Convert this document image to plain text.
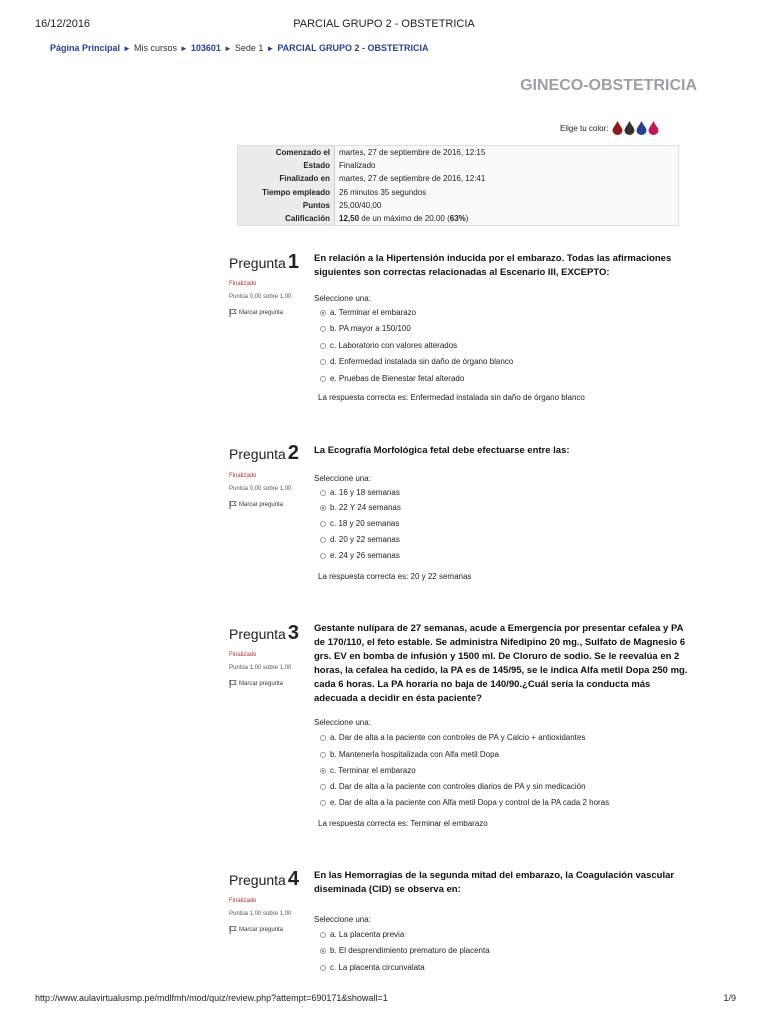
16/12/2016	PARCIAL GRUPO 2 - OBSTETRICIA
Página Principal ► Mis cursos ► 103601 ► Sede 1 ► PARCIAL GRUPO 2 - OBSTETRICIA
GINECO-OBSTETRICIA
Elige tu color:
Comenzado el	martes, 27 de septiembre de 2016, 12:15
Estado	Finalizado
Finalizado en	martes, 27 de septiembre de 2016, 12:41
Tiempo empleado	26 minutos 35 segundos
Puntos	25,00/40,00
Calificación	12,50 de un máximo de 20,00 (63%)
Pregunta 1
Finalizado
Puntúa 0,00 sobre 1,00
Marcar pregunta
En relación a la Hipertensión inducida por el embarazo. Todas las afirmaciones siguientes son correctas relacionadas al Escenario III, EXCEPTO:
Seleccione una:
a. Terminar el embarazo
b. PA mayor a 150/100
c. Laboratorio con valores alterados
d. Enfermedad instalada sin daño de órgano blanco
e. Pruebas de Bienestar fetal alterado
La respuesta correcta es: Enfermedad instalada sin daño de órgano blanco
Pregunta 2
Finalizado
Puntúa 0,00 sobre 1,00
Marcar pregunta
La Ecografía Morfológica fetal debe efectuarse entre las:
Seleccione una:
a. 16 y 18 semanas
b. 22 Y 24 semanas
c. 18 y 20 semanas
d. 20 y 22 semanas
e. 24 y 26 semanas
La respuesta correcta es: 20 y 22 semanas
Pregunta 3
Finalizado
Puntúa 1,00 sobre 1,00
Marcar pregunta
Gestante nulípara de 27 semanas, acude a Emergencia por presentar cefalea y PA de 170/110, el feto estable. Se administra Nifedipino 20 mg., Sulfato de Magnesio 6 grs. EV en bomba de infusión y 1500 ml. De Cloruro de sodio. Se le reevalúa en 2 horas, la cefalea ha cedido, la PA es de 145/95, se le indica Alfa metil Dopa 250 mg. cada 6 horas. La PA horaria no baja de 140/90.¿Cuál sería la conducta más adecuada a decidir en ésta paciente?
Seleccione una:
a. Dar de alta a la paciente con controles de PA y Calcio + antioxidantes
b. Mantenerla hospitalizada con Alfa metil Dopa
c. Terminar el embarazo
d. Dar de alta a la paciente con controles diarios de PA y sin medicación
e. Dar de alta a la paciente con Alfa metil Dopa y control de la PA cada 2 horas
La respuesta correcta es: Terminar el embarazo
Pregunta 4
Finalizado
Puntúa 1,00 sobre 1,00
Marcar pregunta
En las Hemorragias de la segunda mitad del embarazo, la Coagulación vascular diseminada (CID) se observa en:
Seleccione una:
a. La placenta previa
b. El desprendimiento prematuro de placenta
c. La placenta circunvalata
http://www.aulavirtualusmp.pe/mdlfmh/mod/quiz/review.php?attempt=690171&showall=1	1/9
